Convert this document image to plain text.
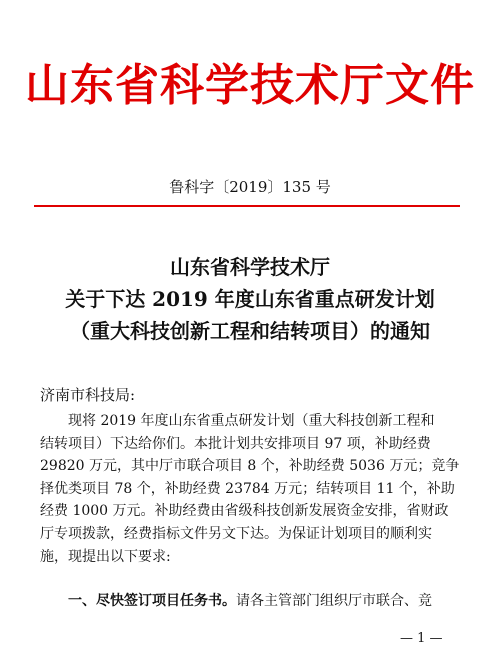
山东省科学技术厅文件
鲁科字〔2019〕135 号
山东省科学技术厅
关于下达 2019 年度山东省重点研发计划
（重大科技创新工程和结转项目）的通知
济南市科技局:
现将 2019 年度山东省重点研发计划（重大科技创新工程和
结转项目）下达给你们。本批计划共安排项目 97 项，补助经费
29820 万元，其中厅市联合项目 8 个，补助经费 5036 万元；竞争
择优类项目 78 个，补助经费 23784 万元；结转项目 11 个，补助
经费 1000 万元。补助经费由省级科技创新发展资金安排，省财政
厅专项拨款，经费指标文件另文下达。为保证计划项目的顺利实
施，现提出以下要求:
一、尽快签订项目任务书。请各主管部门组织厅市联合、竞
— 1 —
